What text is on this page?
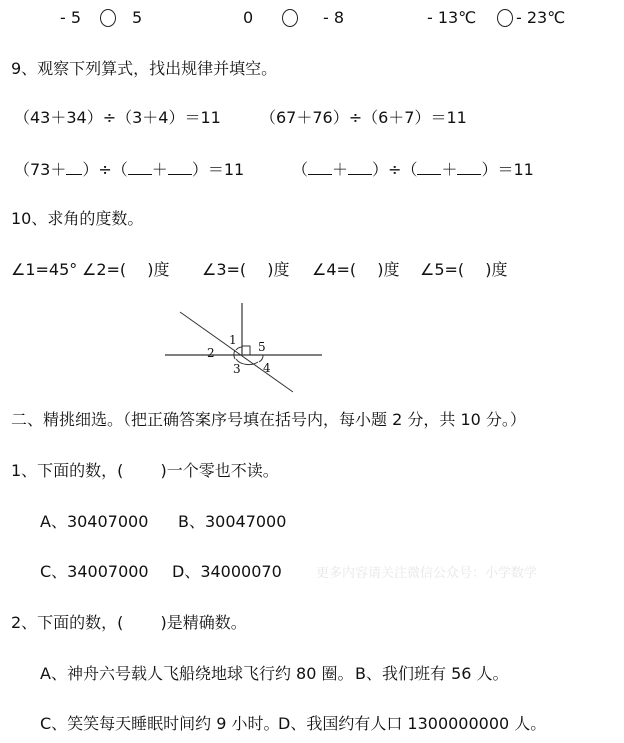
- 5	5	0	- 8	- 13℃ - 23℃
9、观察下列算式，找出规律并填空。
（43＋34）÷（3＋4）＝11 （67＋76）÷（6＋7）＝11
（73＋ ）÷（ ＋ ）＝11	（ ＋ ）÷（ ＋ ）＝11
10、求角的度数。
∠1=45° ∠2=(　 )度 ∠3=(　 )度 ∠4=(　 )度 ∠5=(　 )度
1
2
3 4
5
二、精挑细选。（把正确答案序号填在括号内，每小题 2 分，共 10 分。）
1、下面的数，(　　 )一个零也不读。
A、30407000 B、30047000
C、34007000 D、34000070	更多内容请关注微信公众号：小学数学
2、下面的数，(　　 )是精确数。
A、神舟六号载人飞船绕地球飞行约 80 圈。 B、我们班有 56 人。
C、笑笑每天睡眠时间约 9 小时。
D、我国约有人口 1300000000 人。
